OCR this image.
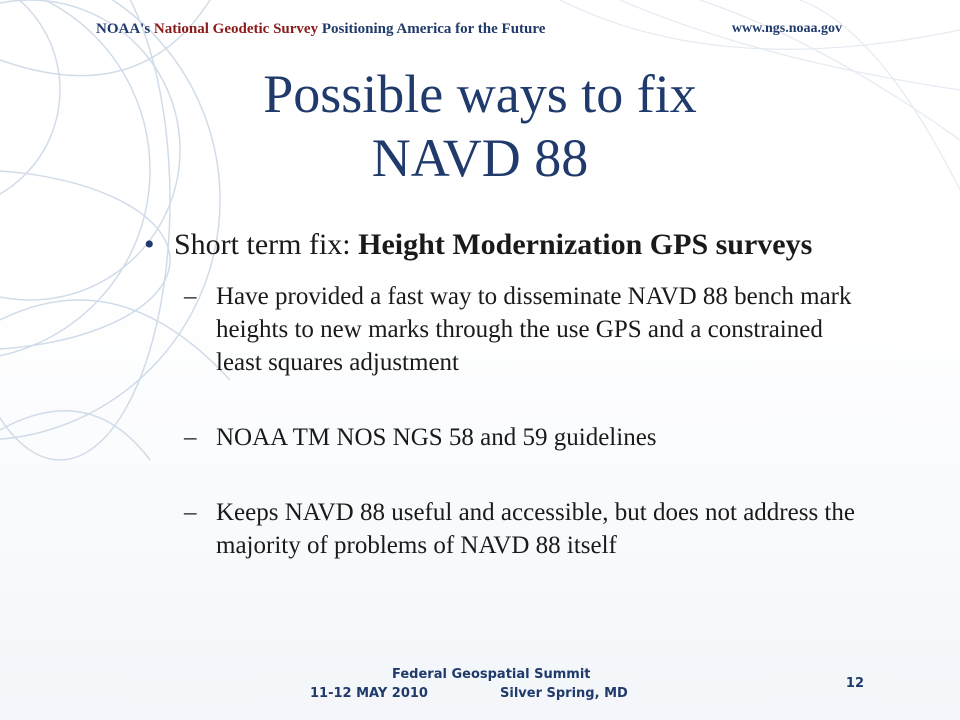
NOAA's National Geodetic Survey Positioning America for the Future	www.ngs.noaa.gov
Possible ways to fix
NAVD 88
• Short term fix: Height Modernization GPS surveys
– Have provided a fast way to disseminate NAVD 88 bench mark heights to new marks through the use GPS and a constrained least squares adjustment
– NOAA TM NOS NGS 58 and 59 guidelines
– Keeps NAVD 88 useful and accessible, but does not address the majority of problems of NAVD 88 itself
Federal Geospatial Summit
11-12 MAY 2010	Silver Spring, MD
12
